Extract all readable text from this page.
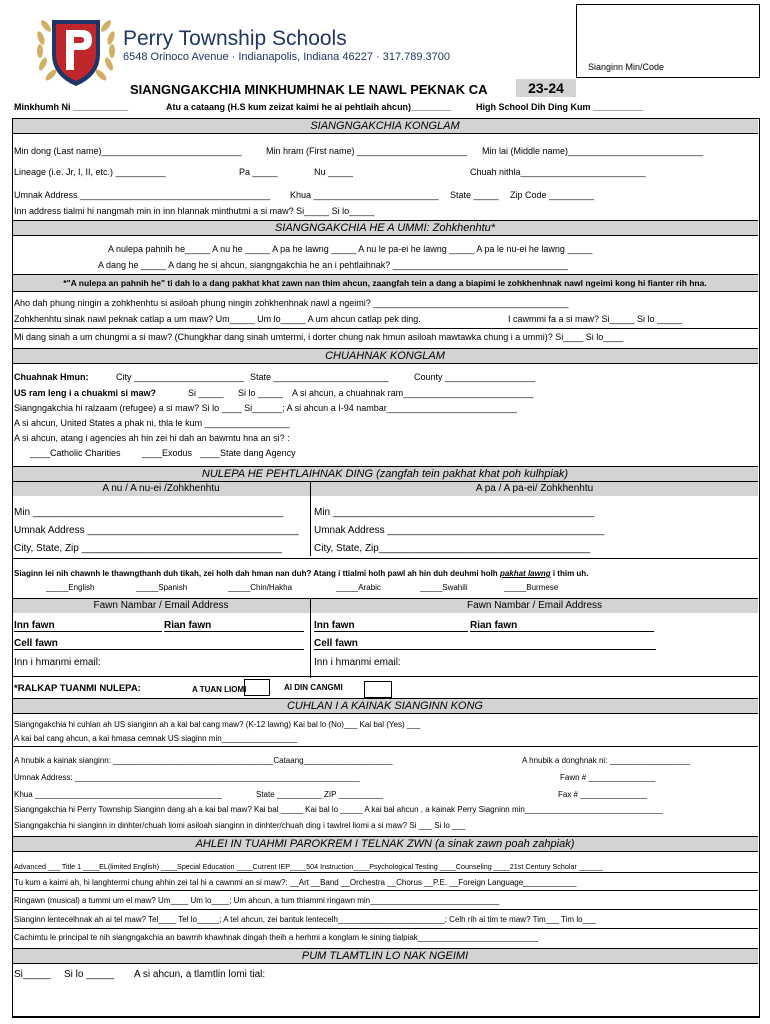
Perry Township Schools
6548 Orinoco Avenue · Indianapolis, Indiana 46227 · 317.789.3700
Sianginn Min/Code
SIANGNGAKCHIA MINKHUMHNAK LE NAWL PEKNAK CA	23-24
Minkhumh Ni ___________	Atu a cataang (H.S kum zeizat kaimi he ai pehtlaih ahcun)________	High School Dih Ding Kum __________
SIANGNGAKCHIA KONGLAM
Min dong (Last name)____________________________	Min hram (First name) ______________________ Min lai (Middle name)___________________________
Lineage (i.e. Jr, I, II, etc.) __________	Pa _____	Nu _____	Chuah nithla_________________________
Umnak Address ______________________________________ Khua _________________________ State _____ Zip Code _________
Inn address tialmi hi nangmah min in inn hlannak minthutmi a si maw? Si_____ Si lo_____
SIANGNGAKCHIA HE A UMMI: Zohkhenhtu*
A nulepa pahnih he_____ A nu he _____ A pa he lawng _____ A nu le pa-ei he lawng _____ A pa le nu-ei he lawng _____
A dang he _____ A dang he si ahcun, siangngakchia he an i pehtlaihnak? ___________________________________
*"A nulepa an pahnih he" ti dah lo a dang pakhat khat zawn nan thim ahcun, zaangfah tein a dang a biapimi le zohkhenhnak nawl ngeimi kong hi fianter rih hna.
Aho dah phung ningin a zohkhenhtu si asiloah phung ningin zohkhenhnak nawl a ngeimi? _______________________________________
Zohkhenhtu sinak nawl peknak catlap a um maw? Um_____ Um lo_____ A um ahcun catlap pek ding.	I cawmmi fa a si maw? Si_____ Si lo _____
Mi dang sinah a um chungmi a si maw? (Chungkhar dang sinah umtermi, i dorter chung nak hmun asiloah mawtawka chung i a ummi)? Si____ Si lo____
CHUAHNAK KONGLAM
Chuahnak Hmun:	City ______________________ State _______________________	County __________________
US ram leng i a chuakmi si maw?	Si _____ Si lo _____ A si ahcun, a chuahnak ram__________________________
Siangngakchia hi ralzaam (refugee) a si maw? Si lo ____ Si______; A si ahcun a I-94 nambar__________________________
A si ahcun, United States a phak ni, thla le kum _________________
A si ahcun, atang i agencies ah hin zei hi dah an bawmtu hna an si? :
____Catholic Charities ____Exodus ____State dang Agency
NULEPA HE PEHTLAIHNAK DING (zangfah tein pakhat khat poh kulhpiak)
A nu / A nu-ei /Zohkhenhtu	A pa / A pa-ei/ Zohkhenhtu
Min _____________________________________________	Min _______________________________________________
Umnak Address ______________________________________ Umnak Address _______________________________________
City, State, Zip ____________________________________	City, State, Zip______________________________________
Siaginn lei nih chawnh le thawngthanh duh tikah, zei holh dah hman nan duh? Atang i ttialmi holh pawl ah hin duh deuhmi holh pakhat lawng i thim uh.
_____English	_____Spanish	_____Chin/Hakha	_____Arabic	_____Swahili	_____Burmese
Fawn Nambar / Email Address	Fawn Nambar / Email Address
Inn fawn	Rian fawn	Inn fawn	Rian fawn
Cell fawn	Cell fawn
Inn i hmanmi email:	Inn i hmanmi email:
*RALKAP TUANMI NULEPA:	A TUAN LIOMI	AI DIN CANGMI
CUHLAN I A KAINAK SIANGINN KONG
Siangngakchia hi cuhlan ah US sianginn ah a kai bal cang maw? (K-12 lawng) Kai bal lo (No)___ Kai bal (Yes) ___
A kai bal cang ahcun, a kai hmasa cemnak US siaginn min_________________
A hnubik a kainak sianginn: ____________________________________Cataang____________________	A hnubik a donghnak ni: __________________
Umnak Address: ________________________________________________________________	Fawn # _______________
Khua __________________________________________	State __________ ZIP __________	Fax # _______________
Siangngakchia hi Perry Township Sianginn dang ah a kai bal maw? Kai bal _____ Kai bal lo _____ A kai bal ahcun , a kainak Perry Siagninn min_______________________________
Siangngakchia hi sianginn in dinhter/chuah liomi asiloah sianginn in dinhter/chuah ding i tawlrel liomi a si maw? Si ___ Si lo ___
AHLEI IN TUAHMI PAROKREM I TELNAK ZWN (a sinak zawn poah zahpiak)
Advanced ___ Title 1 ____EL(limited English) ____Special Education ____Current IEP____504 Instruction____Psychological Testing ____Counseling ____21st Century Scholar ______
Tu kum a kaimi ah, hi langhtermi chung ahhin zei tal hi a cawnmi an si maw?: __Art __Band __Orchestra __Chorus __P.E. __Foreign Language____________
Ringawn (musical) a tummi um el maw? Um____ Um lo____; Um ahcun, a tum thiammi ringawn min_____________________________
Sianginn lentecelhnak ah ai tel maw? Tel____ Tel lo_____; A tel ahcun, zei bantuk lentecelh________________________; Celh rih ai tim te maw? Tim___ Tim lo___
Cachimtu le principal te nih siangngakchia an bawmh khawhnak dingah theih a herhmi a konglam le sining tialpiak___________________________
PUM TLAMTLIN LO NAK NGEIMI
Si_____ Si lo _____ A si ahcun, a tlamtlin lomi tial:
